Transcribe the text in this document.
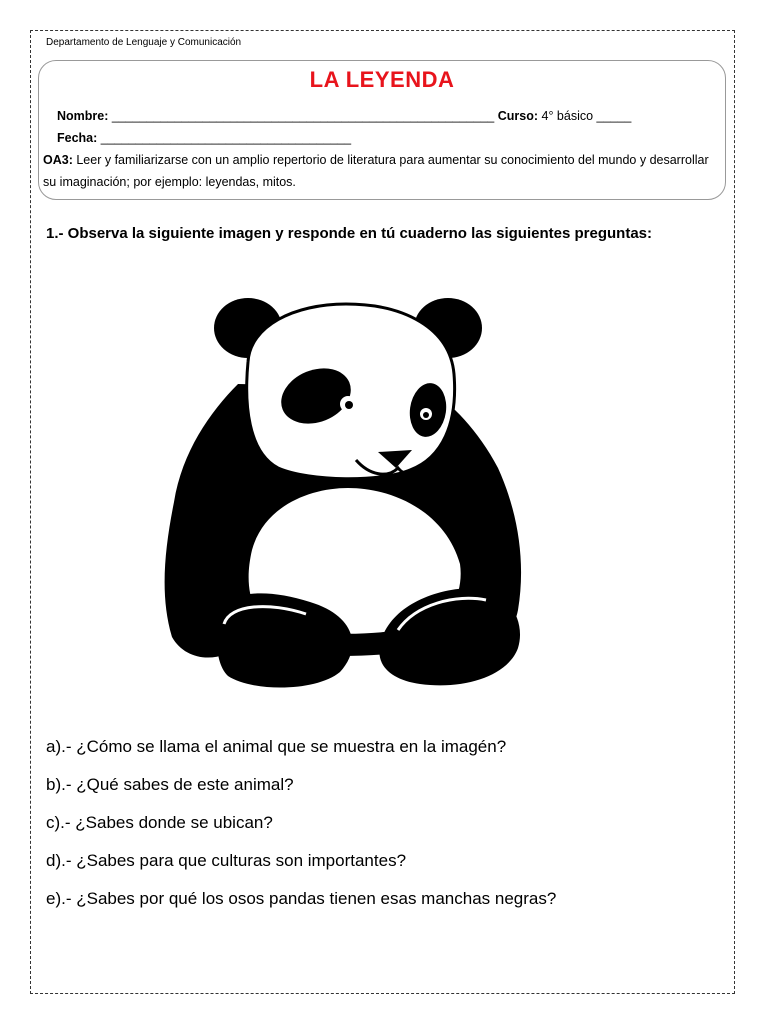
Departamento de Lenguaje y Comunicación
LA LEYENDA
Nombre: _______________________________________________________ Curso: 4° básico _____
Fecha: ____________________________________
OA3: Leer y familiarizarse con un amplio repertorio de literatura para aumentar su conocimiento del mundo y desarrollar su imaginación; por ejemplo: leyendas, mitos.
1.- Observa la siguiente imagen y responde en tú cuaderno las siguientes preguntas:
a).- ¿Cómo se llama el animal que se muestra en la imagén?
b).- ¿Qué sabes de este animal?
c).- ¿Sabes donde se ubican?
d).- ¿Sabes para que culturas son importantes?
e).- ¿Sabes por qué los osos pandas tienen esas manchas negras?
